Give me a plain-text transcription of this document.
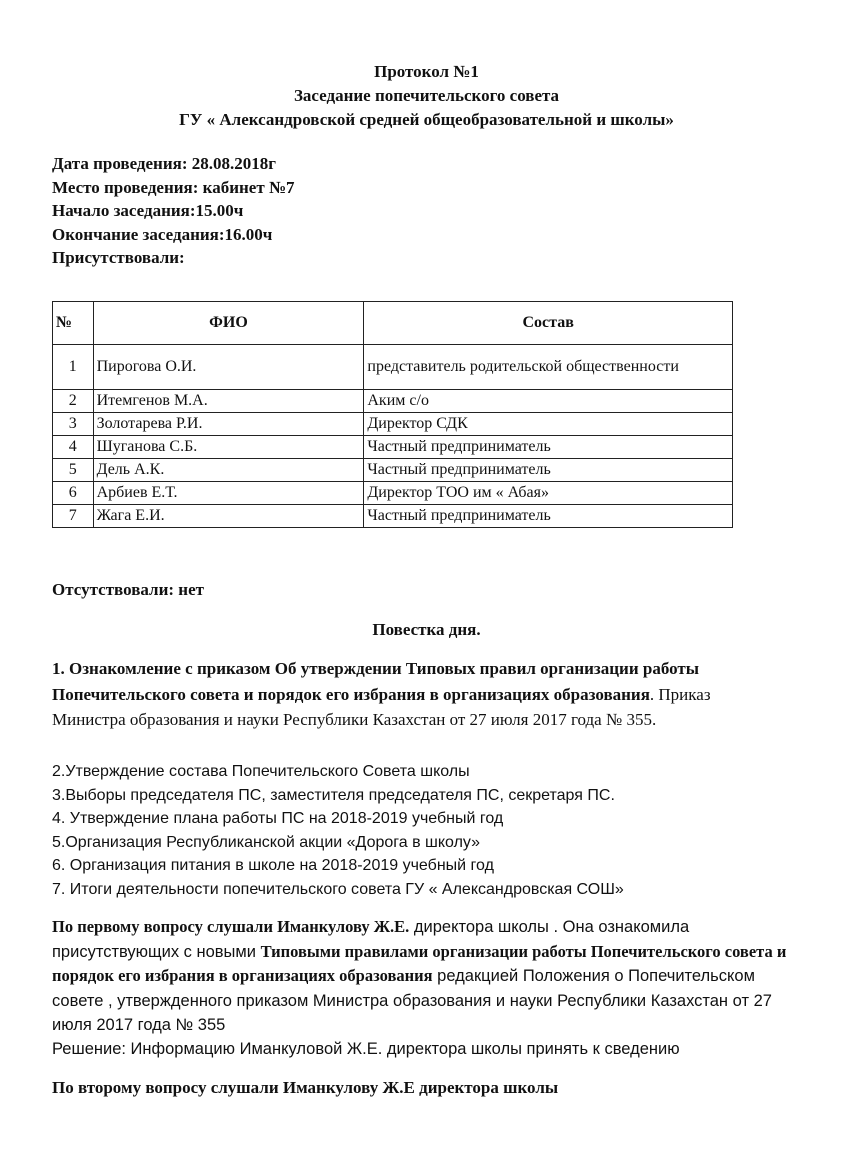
Протокол №1
Заседание попечительского совета
ГУ « Александровской средней общеобразовательной и школы»
Дата проведения: 28.08.2018г
Место проведения: кабинет №7
Начало заседания:15.00ч
Окончание заседания:16.00ч
Присутствовали:
№	ФИО	Состав
1	Пирогова О.И.	представитель родительской общественности
2	Итемгенов М.А.	Аким с/о
3	Золотарева Р.И.	Директор СДК
4	Шуганова С.Б.	Частный предприниматель
5	Дель А.К.	Частный предприниматель
6	Арбиев Е.Т.	Директор ТОО им « Абая»
7	Жага Е.И.	Частный предприниматель
Отсутствовали: нет
Повестка дня.
1. Ознакомление с приказом Об утверждении Типовых правил организации работы Попечительского совета и порядок его избрания в организациях образования. Приказ Министра образования и науки Республики Казахстан от 27 июля 2017 года № 355.
2.Утверждение состава Попечительского Совета школы
3.Выборы председателя ПС, заместителя председателя ПС, секретаря ПС.
4. Утверждение плана работы ПС на 2018-2019 учебный год
5.Организация Республиканской акции «Дорога в школу»
6. Организация питания в школе на 2018-2019 учебный год
7. Итоги деятельности попечительского совета ГУ « Александровская СОШ»
По первому вопросу слушали Иманкулову Ж.Е. директора школы . Она ознакомила присутствующих с новыми Типовыми правилами организации работы Попечительского совета и порядок его избрания в организациях образования редакцией Положения о Попечительском совете , утвержденного приказом Министра образования и науки Республики Казахстан от 27 июля 2017 года № 355
Решение: Информацию Иманкуловой Ж.Е. директора школы принять к сведению
По второму вопросу слушали Иманкулову Ж.Е директора школы
